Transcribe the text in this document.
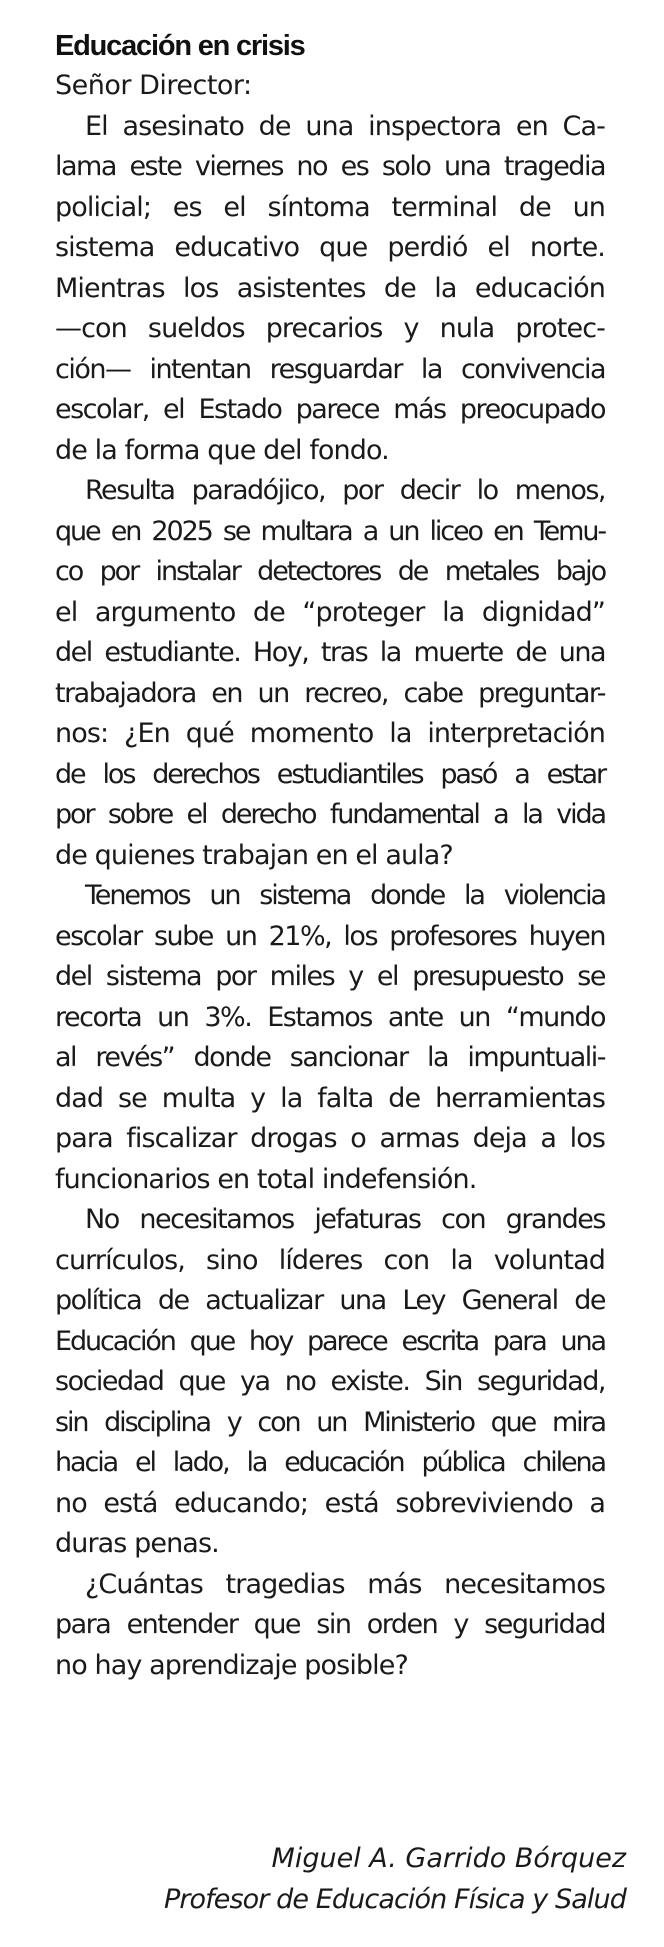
Educación en crisis

Señor Director:

El asesinato de una inspectora en Ca-
lama este viernes no es solo una tragedia
policial; es el síntoma terminal de un
sistema educativo que perdió el norte.
Mientras los asistentes de la educación
—con sueldos precarios y nula protec-
ción— intentan resguardar la convivencia
escolar, el Estado parece más preocupado
de la forma que del fondo.

Resulta paradójico, por decir lo menos,
que en 2025 se multara a un liceo en Temu-
co por instalar detectores de metales bajo
el argumento de “proteger la dignidad”
del estudiante. Hoy, tras la muerte de una
trabajadora en un recreo, cabe preguntar-
nos: ¿En qué momento la interpretación
de los derechos estudiantiles pasó a estar
por sobre el derecho fundamental a la vida
de quienes trabajan en el aula?

Tenemos un sistema donde la violencia
escolar sube un 21%, los profesores huyen
del sistema por miles y el presupuesto se
recorta un 3%. Estamos ante un “mundo
al revés” donde sancionar la impuntuali-
dad se multa y la falta de herramientas
para fiscalizar drogas o armas deja a los
funcionarios en total indefensión.

No necesitamos jefaturas con grandes
currículos, sino líderes con la voluntad
política de actualizar una Ley General de
Educación que hoy parece escrita para una
sociedad que ya no existe. Sin seguridad,
sin disciplina y con un Ministerio que mira
hacia el lado, la educación pública chilena
no está educando; está sobreviviendo a
duras penas.

¿Cuántas tragedias más necesitamos
para entender que sin orden y seguridad
no hay aprendizaje posible?

Miguel A. Garrido Bórquez
Profesor de Educación Física y Salud
